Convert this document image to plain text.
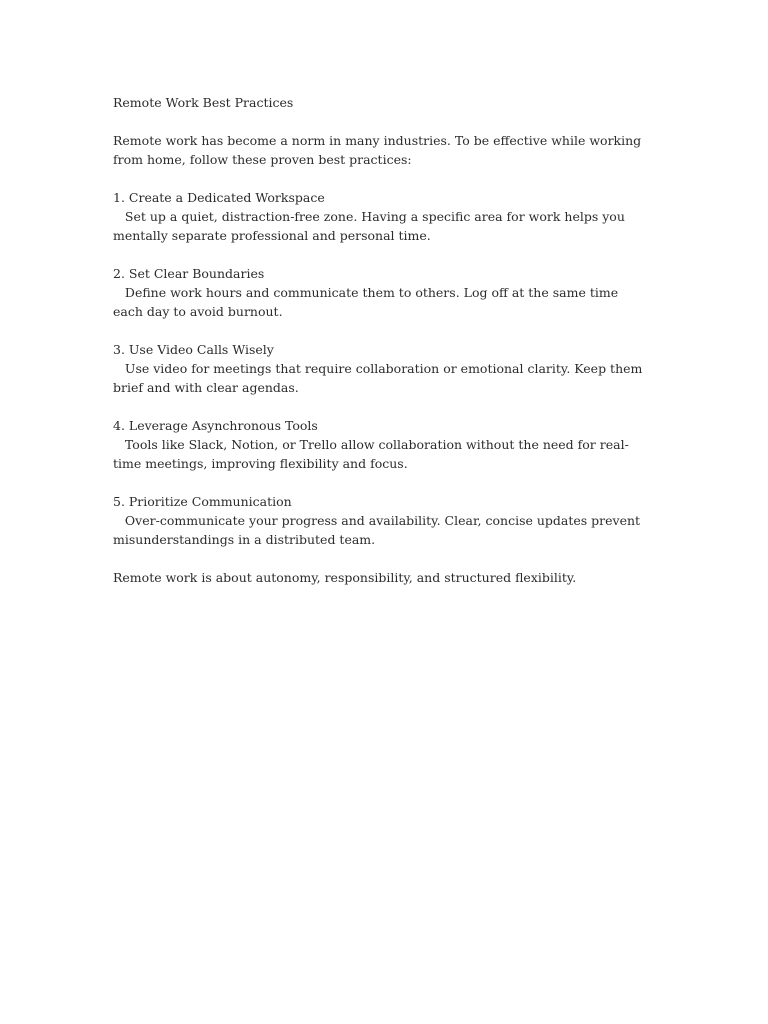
Remote Work Best Practices

Remote work has become a norm in many industries. To be effective while working from home, follow these proven best practices:

1. Create a Dedicated Workspace
Set up a quiet, distraction-free zone. Having a specific area for work helps you mentally separate professional and personal time.
2. Set Clear Boundaries
Define work hours and communicate them to others. Log off at the same time each day to avoid burnout.
3. Use Video Calls Wisely
Use video for meetings that require collaboration or emotional clarity. Keep them brief and with clear agendas.
4. Leverage Asynchronous Tools
Tools like Slack, Notion, or Trello allow collaboration without the need for real-time meetings, improving flexibility and focus.
5. Prioritize Communication
Over-communicate your progress and availability. Clear, concise updates prevent misunderstandings in a distributed team.

Remote work is about autonomy, responsibility, and structured flexibility.
